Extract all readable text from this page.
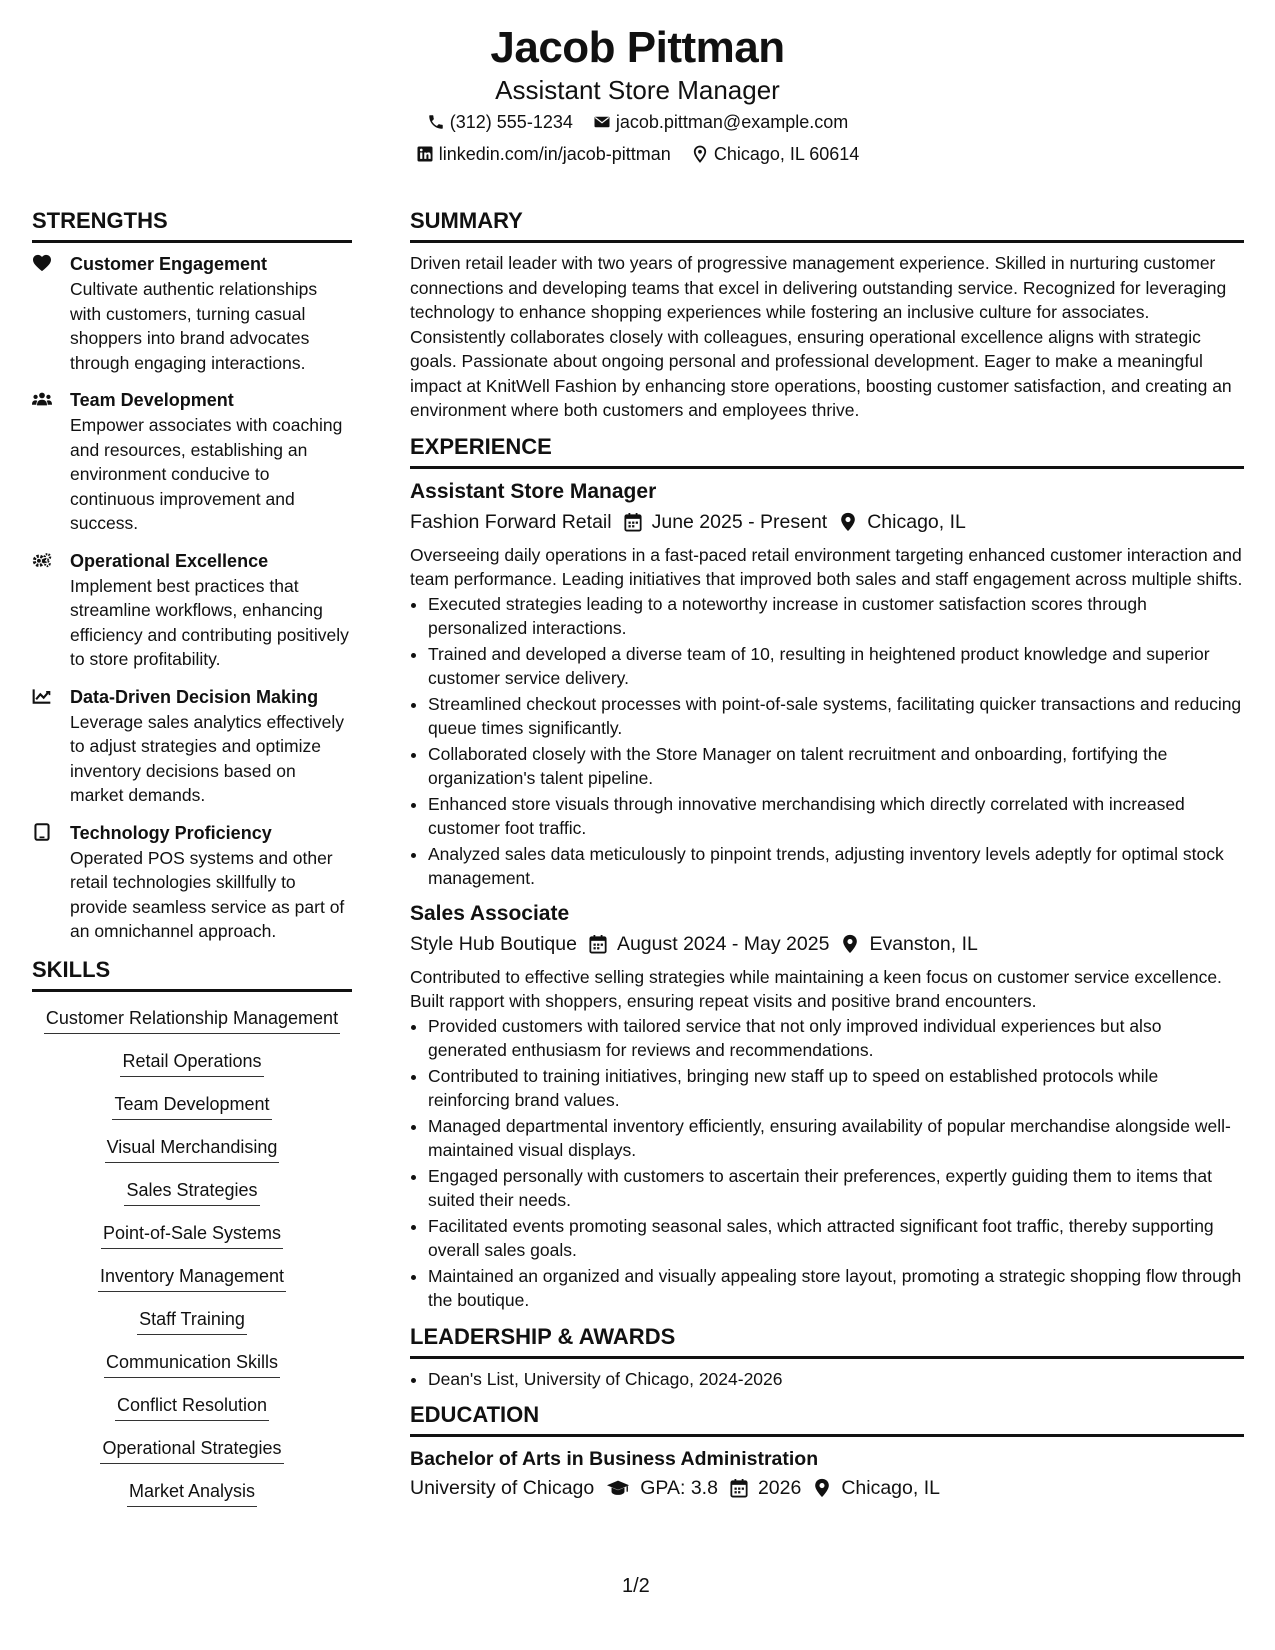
Jacob Pittman
Assistant Store Manager
(312) 555-1234 jacob.pittman@example.com
linkedin.com/in/jacob-pittman Chicago, IL 60614
STRENGTHS
Customer Engagement
Cultivate authentic relationships with customers, turning casual shoppers into brand advocates through engaging interactions.
Team Development
Empower associates with coaching and resources, establishing an environment conducive to continuous improvement and success.
Operational Excellence
Implement best practices that streamline workflows, enhancing efficiency and contributing positively to store profitability.
Data-Driven Decision Making
Leverage sales analytics effectively to adjust strategies and optimize inventory decisions based on market demands.
Technology Proficiency
Operated POS systems and other retail technologies skillfully to provide seamless service as part of an omnichannel approach.
SKILLS
Customer Relationship Management
Retail Operations
Team Development
Visual Merchandising
Sales Strategies
Point-of-Sale Systems
Inventory Management
Staff Training
Communication Skills
Conflict Resolution
Operational Strategies
Market Analysis
SUMMARY
Driven retail leader with two years of progressive management experience. Skilled in nurturing customer connections and developing teams that excel in delivering outstanding service. Recognized for leveraging technology to enhance shopping experiences while fostering an inclusive culture for associates. Consistently collaborates closely with colleagues, ensuring operational excellence aligns with strategic goals. Passionate about ongoing personal and professional development. Eager to make a meaningful impact at KnitWell Fashion by enhancing store operations, boosting customer satisfaction, and creating an environment where both customers and employees thrive.
EXPERIENCE
Assistant Store Manager
Fashion Forward Retail June 2025 - Present Chicago, IL
Overseeing daily operations in a fast-paced retail environment targeting enhanced customer interaction and team performance. Leading initiatives that improved both sales and staff engagement across multiple shifts.
• Executed strategies leading to a noteworthy increase in customer satisfaction scores through personalized interactions.
• Trained and developed a diverse team of 10, resulting in heightened product knowledge and superior customer service delivery.
• Streamlined checkout processes with point-of-sale systems, facilitating quicker transactions and reducing queue times significantly.
• Collaborated closely with the Store Manager on talent recruitment and onboarding, fortifying the organization's talent pipeline.
• Enhanced store visuals through innovative merchandising which directly correlated with increased customer foot traffic.
• Analyzed sales data meticulously to pinpoint trends, adjusting inventory levels adeptly for optimal stock management.
Sales Associate
Style Hub Boutique August 2024 - May 2025 Evanston, IL
Contributed to effective selling strategies while maintaining a keen focus on customer service excellence. Built rapport with shoppers, ensuring repeat visits and positive brand encounters.
• Provided customers with tailored service that not only improved individual experiences but also generated enthusiasm for reviews and recommendations.
• Contributed to training initiatives, bringing new staff up to speed on established protocols while reinforcing brand values.
• Managed departmental inventory efficiently, ensuring availability of popular merchandise alongside well-maintained visual displays.
• Engaged personally with customers to ascertain their preferences, expertly guiding them to items that suited their needs.
• Facilitated events promoting seasonal sales, which attracted significant foot traffic, thereby supporting overall sales goals.
• Maintained an organized and visually appealing store layout, promoting a strategic shopping flow through the boutique.
LEADERSHIP & AWARDS
• Dean's List, University of Chicago, 2024-2026
EDUCATION
Bachelor of Arts in Business Administration
University of Chicago GPA: 3.8 2026 Chicago, IL
1/2
